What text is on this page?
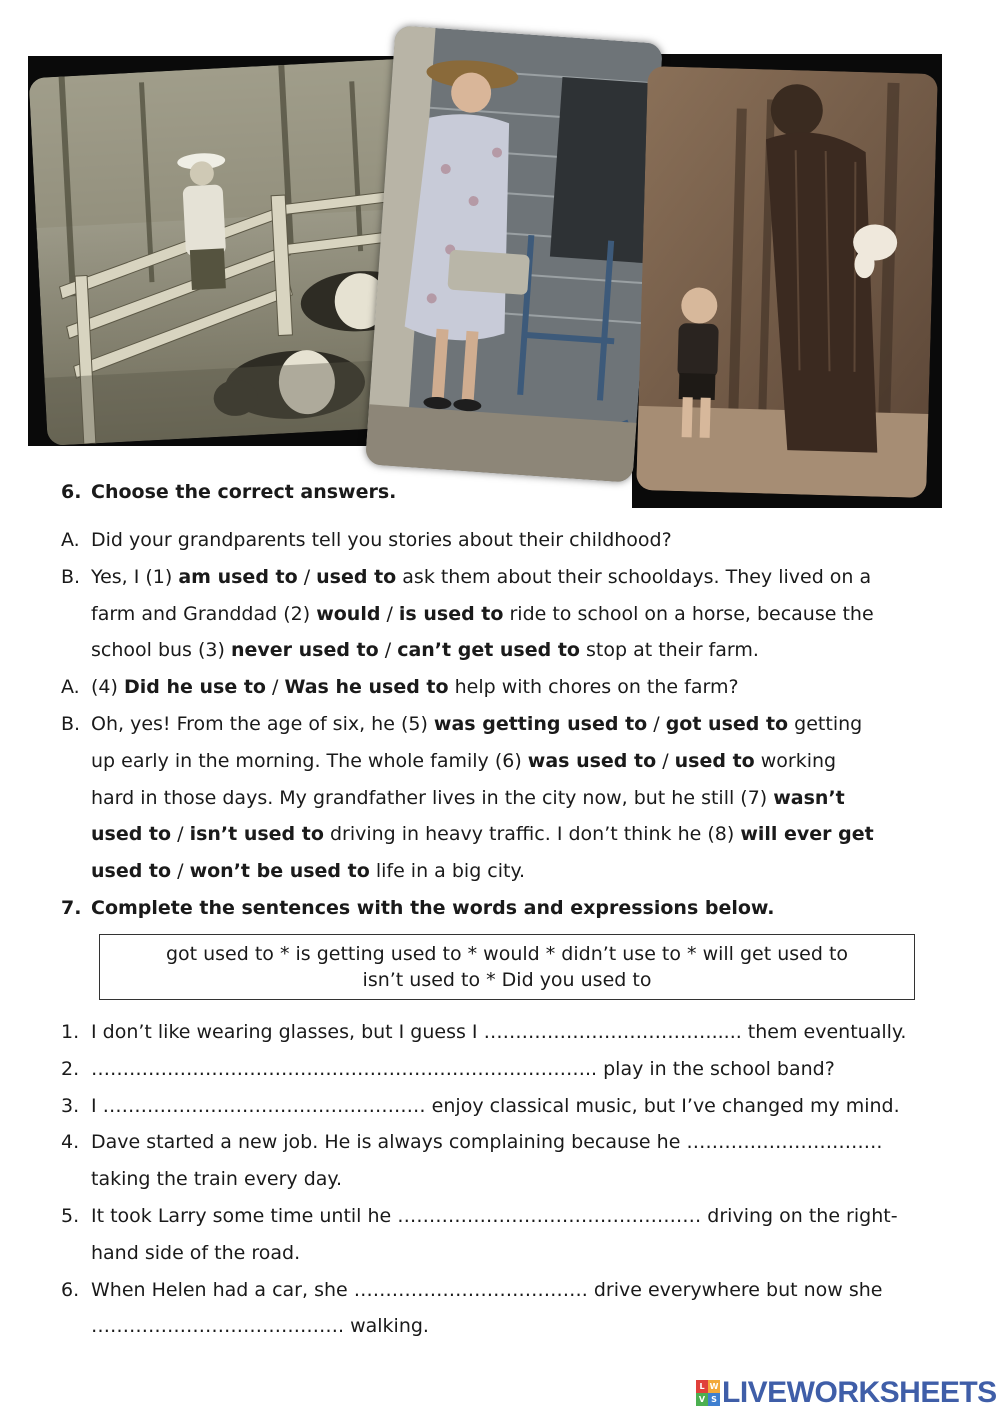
6. Choose the correct answers.
A. Did your grandparents tell you stories about their childhood?
B. Yes, I (1) am used to / used to ask them about their schooldays. They lived on a
farm and Granddad (2) would / is used to ride to school on a horse, because the
school bus (3) never used to / can’t get used to stop at their farm.
A. (4) Did he use to / Was he used to help with chores on the farm?
B. Oh, yes! From the age of six, he (5) was getting used to / got used to getting
up early in the morning. The whole family (6) was used to / used to working
hard in those days. My grandfather lives in the city now, but he still (7) wasn’t
used to / isn’t used to driving in heavy traffic. I don’t think he (8) will ever get
used to / won’t be used to life in a big city.
7. Complete the sentences with the words and expressions below.
got used to * is getting used to * would * didn’t use to * will get used to
isn’t used to * Did you used to
1. I don’t like wearing glasses, but I guess I ………………………………..... them eventually.
2. …………………………………………………………………….. play in the school band?
3. I …………………………………………… enjoy classical music, but I’ve changed my mind.
4. Dave started a new job. He is always complaining because he ………………………….
taking the train every day.
5. It took Larry some time until he ………………………………………… driving on the right-
hand side of the road.
6. When Helen had a car, she ………………………………. drive everywhere but now she
…………………………………. walking.
L W
V S LIVEWORKSHEETS
